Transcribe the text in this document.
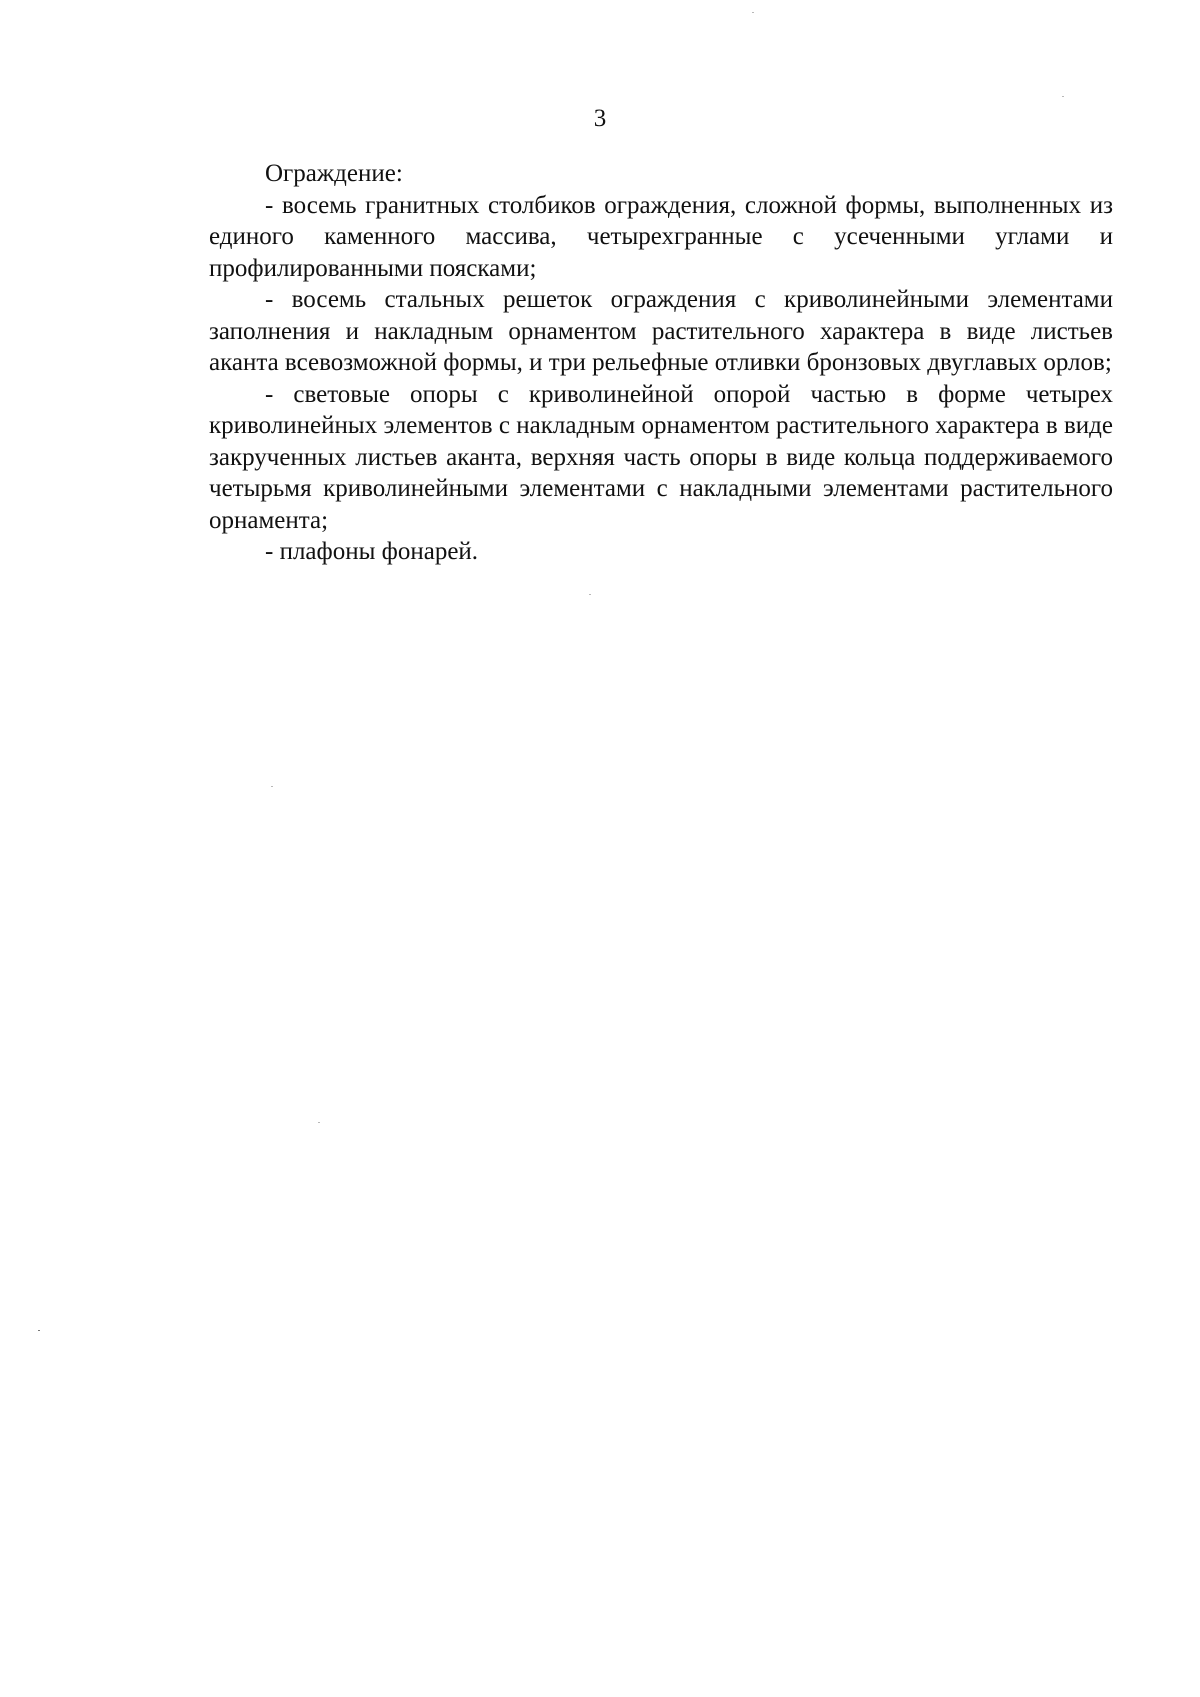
3

Ограждение:

- восемь гранитных столбиков ограждения, сложной формы, выполненных из единого каменного массива, четырехгранные с усеченными углами и профилированными поясками;

- восемь стальных решеток ограждения с криволинейными элементами заполнения и накладным орнаментом растительного характера в виде листьев аканта всевозможной формы, и три рельефные отливки бронзовых двуглавых орлов;

- световые опоры с криволинейной опорой частью в форме четырех криволинейных элементов с накладным орнаментом растительного характера в виде закрученных листьев аканта, верхняя часть опоры в виде кольца поддерживаемого четырьмя криволинейными элементами с накладными элементами растительного орнамента;

- плафоны фонарей.
